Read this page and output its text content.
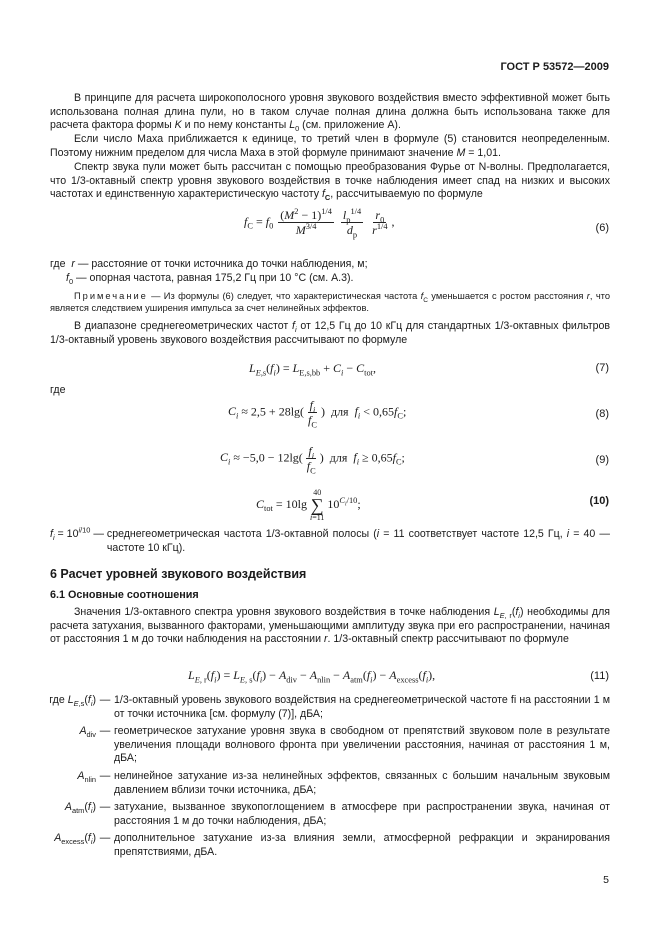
ГОСТ Р 53572—2009
В принципе для расчета широкополосного уровня звукового воздействия вместо эффективной может быть использована полная длина пули, но в таком случае полная длина должна быть использована также для расчета фактора формы K и по нему константы $L_0$ (см. приложение А).
Если число Маха приближается к единице, то третий член в формуле (5) становится неопределенным. Поэтому нижним пределом для числа Маха в этой формуле принимают значение M = 1,01.
Спектр звука пули может быть рассчитан с помощью преобразования Фурье от N-волны. Предполагается, что 1/3-октавный спектр уровня звукового воздействия в точке наблюдения имеет спад на низких и высоких частотах и единственную характеристическую частоту $f_C$, рассчитываемую по формуле
$f_C = f_0 \frac{(M^2 - 1)^{1/4}}{M^{3/4}}$
$\frac{l_p^{1/4}}{d_p}$
$\frac{r_0}{r^{1/4}}$ ,	(6)
где  r — расстояние от точки источника до точки наблюдения, м;
$f_0$ — опорная частота, равная 175,2 Гц при 10 °С (см. А.3).
Примечание — Из формулы (6) следует, что характеристическая частота $f_C$ уменьшается с ростом расстояния r, что является следствием уширения импульса за счет нелинейных эффектов.
В диапазоне среднегеометрических частот $f_i$ от 12,5 Гц до 10 кГц для стандартных 1/3-октавных фильтров 1/3-октавный уровень звукового воздействия рассчитывают по формуле
$L_{E,s}(f_i) = L_{E,s,bb} + C_i - C_{tot}$,	(7)
где
$C_i \approx 2,5 + 28\lg( \frac{f_i}{f_C}$ )  для  $f_i < 0,65f_C$;	(8)
$C_i \approx -5,0 - 12\lg( \frac{f_i}{f_C}$ )  для  $f_i \ge 0,65f_C$;	(9)
$C_{tot} = 10\lg$
40
∑
i=11
$10^{C_i/10}$;	(10)
$f_i = 10^{i/10}$ — среднегеометрическая частота 1/3-октавной полосы (i = 11 соответствует частоте 12,5 Гц, i = 40 — частоте 10 кГц).
6 Расчет уровней звукового воздействия
6.1 Основные соотношения
Значения 1/3-октавного спектра уровня звукового воздействия в точке наблюдения $L_{E, r}(f_i)$ необходимы для расчета затухания, вызванного факторами, уменьшающими амплитуду звука при его распространении, начиная от расстояния 1 м до точки наблюдения на расстоянии r. 1/3-октавный спектр рассчитывают по формуле
$L_{E, r}(f_i) = L_{E, s}(f_i) - A_{div} - A_{nlin} - A_{atm}(f_i) - A_{excess}(f_i)$,	(11)
где $L_{E,s}(f_i)$ — 1/3-октавный уровень звукового воздействия на среднегеометрической частоте fi на расстоянии 1 м от точки источника [см. формулу (7)], дБА;
$A_{div}$ — геометрическое затухание уровня звука в свободном от препятствий звуковом поле в результате увеличения площади волнового фронта при увеличении расстояния, начиная от расстояния 1 м, дБА;
$A_{nlin}$ — нелинейное затухание из-за нелинейных эффектов, связанных с большим начальным звуковым давлением вблизи точки источника, дБА;
$A_{atm}(f_i)$ — затухание, вызванное звукопоглощением в атмосфере при распространении звука, начиная от расстояния 1 м до точки наблюдения, дБА;
$A_{excess}(f_i)$ — дополнительное затухание из-за влияния земли, атмосферной рефракции и экранирования препятствиями, дБА.
5
